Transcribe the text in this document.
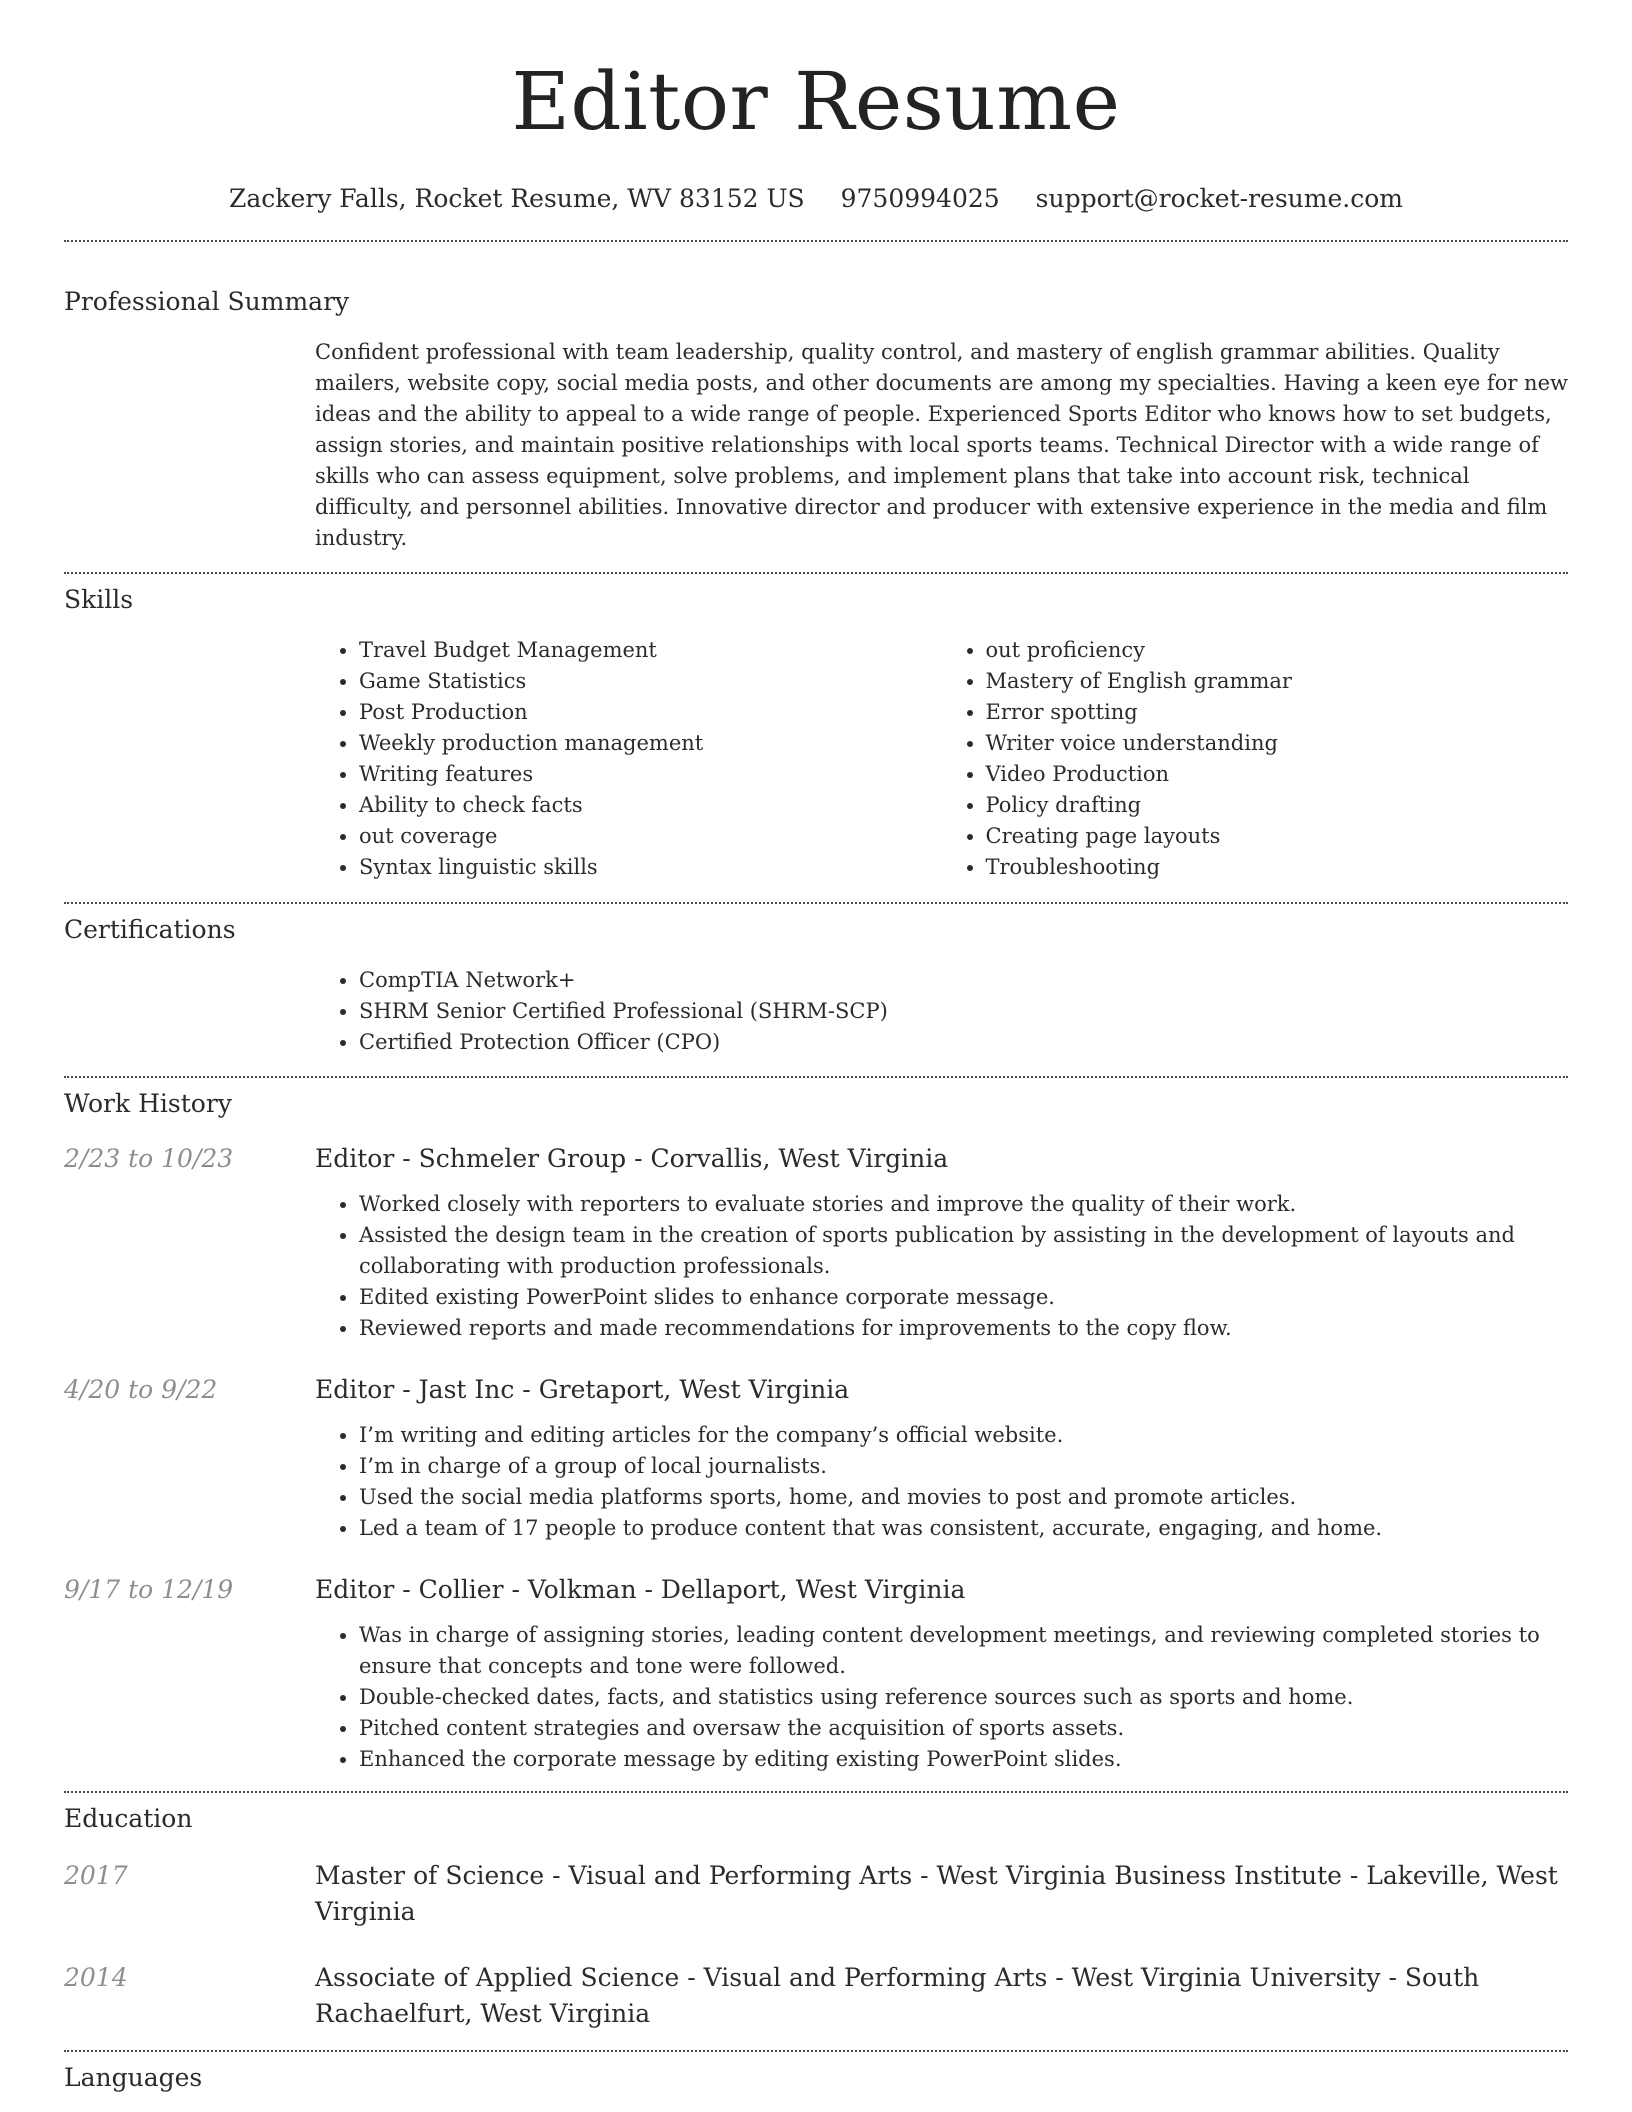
Editor Resume
Zackery Falls, Rocket Resume, WV 83152 US 9750994025 support@rocket-resume.com
Professional Summary
Confident professional with team leadership, quality control, and mastery of english grammar abilities. Quality mailers, website copy, social media posts, and other documents are among my specialties. Having a keen eye for new ideas and the ability to appeal to a wide range of people. Experienced Sports Editor who knows how to set budgets, assign stories, and maintain positive relationships with local sports teams. Technical Director with a wide range of skills who can assess equipment, solve problems, and implement plans that take into account risk, technical difficulty, and personnel abilities. Innovative director and producer with extensive experience in the media and film industry.
Skills
• Travel Budget Management
• Game Statistics
• Post Production
• Weekly production management
• Writing features
• Ability to check facts
• out coverage
• Syntax linguistic skills
• out proficiency
• Mastery of English grammar
• Error spotting
• Writer voice understanding
• Video Production
• Policy drafting
• Creating page layouts
• Troubleshooting
Certifications
• CompTIA Network+
• SHRM Senior Certified Professional (SHRM-SCP)
• Certified Protection Officer (CPO)
Work History
2/23 to 10/23	Editor - Schmeler Group - Corvallis, West Virginia
• Worked closely with reporters to evaluate stories and improve the quality of their work.
• Assisted the design team in the creation of sports publication by assisting in the development of layouts and collaborating with production professionals.
• Edited existing PowerPoint slides to enhance corporate message.
• Reviewed reports and made recommendations for improvements to the copy flow.
4/20 to 9/22	Editor - Jast Inc - Gretaport, West Virginia
• I’m writing and editing articles for the company’s official website.
• I’m in charge of a group of local journalists.
• Used the social media platforms sports, home, and movies to post and promote articles.
• Led a team of 17 people to produce content that was consistent, accurate, engaging, and home.
9/17 to 12/19	Editor - Collier - Volkman - Dellaport, West Virginia
• Was in charge of assigning stories, leading content development meetings, and reviewing completed stories to ensure that concepts and tone were followed.
• Double-checked dates, facts, and statistics using reference sources such as sports and home.
• Pitched content strategies and oversaw the acquisition of sports assets.
• Enhanced the corporate message by editing existing PowerPoint slides.
Education
2017	Master of Science - Visual and Performing Arts - West Virginia Business Institute - Lakeville, West Virginia
2014	Associate of Applied Science - Visual and Performing Arts - West Virginia University - South Rachaelfurt, West Virginia
Languages
